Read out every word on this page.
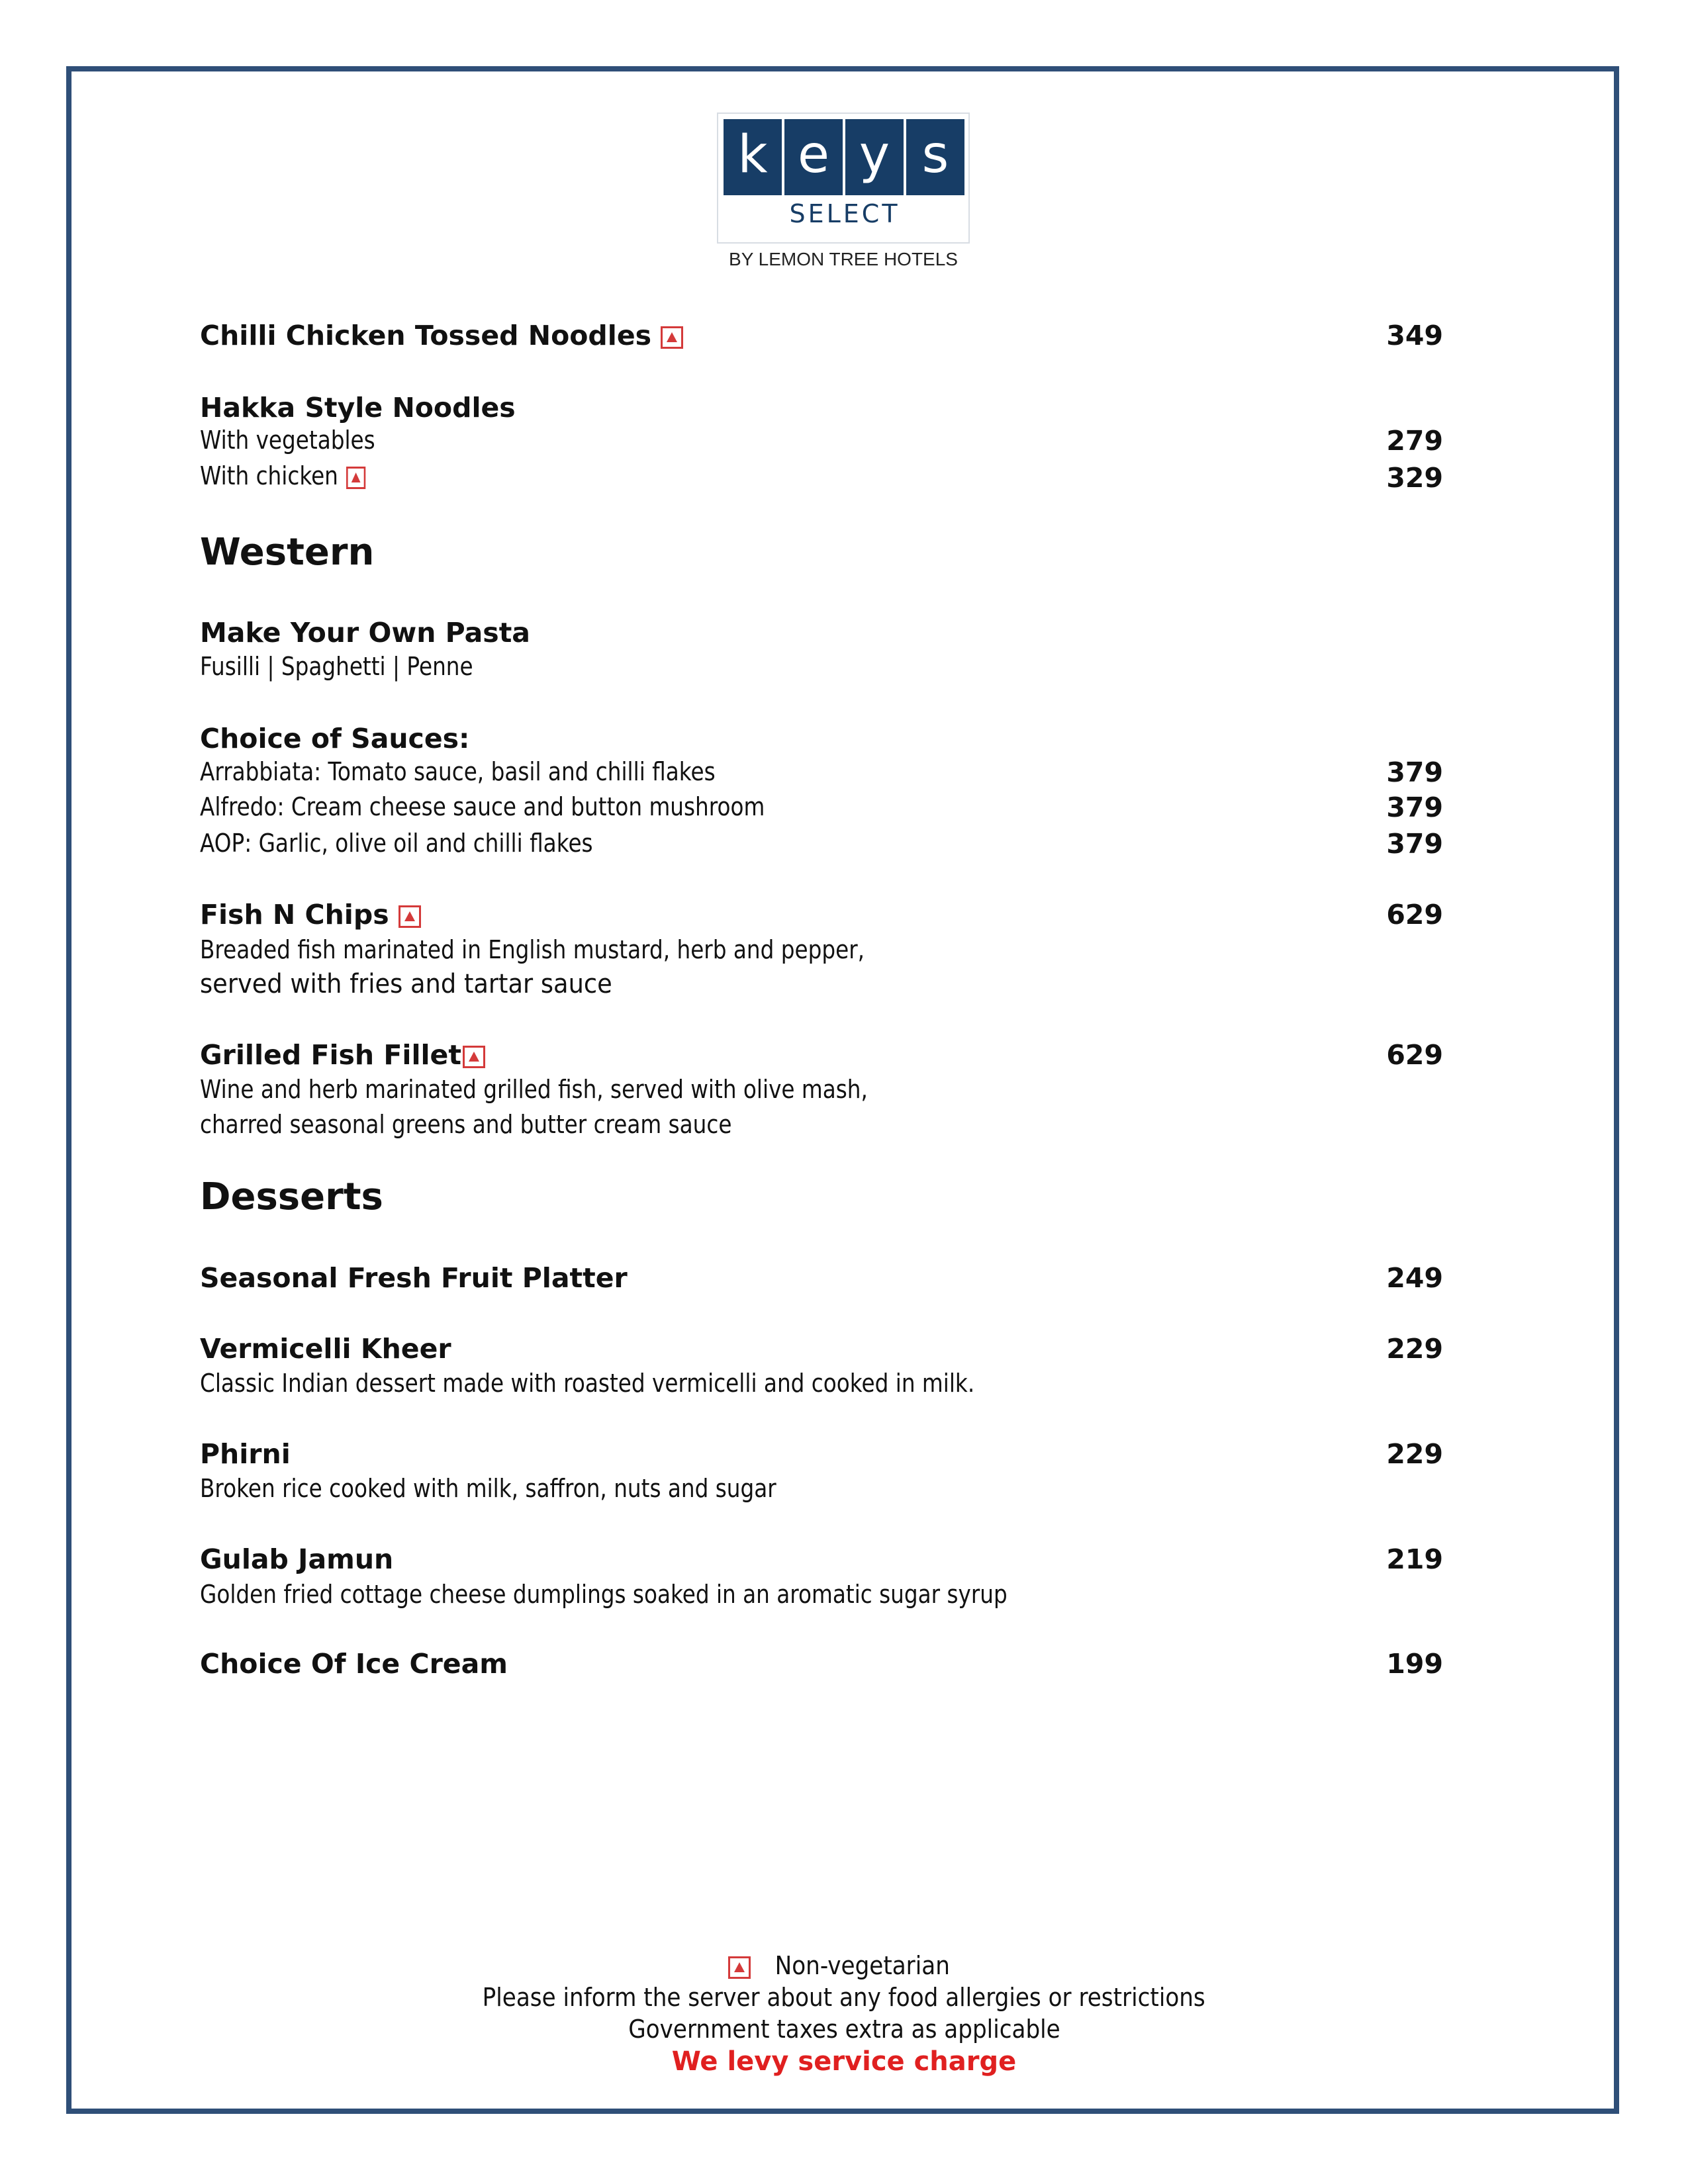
k e y s
SELECT
BY LEMON TREE HOTELS
Chilli Chicken Tossed Noodles	349
Hakka Style Noodles
With vegetables	279
With chicken	329
Western
Make Your Own Pasta
Fusilli | Spaghetti | Penne
Choice of Sauces:
Arrabbiata: Tomato sauce, basil and chilli flakes	379
Alfredo: Cream cheese sauce and button mushroom	379
AOP: Garlic, olive oil and chilli flakes	379
Fish N Chips	629
Breaded fish marinated in English mustard, herb and pepper,
served with fries and tartar sauce
Grilled Fish Fillet	629
Wine and herb marinated grilled fish, served with olive mash,
charred seasonal greens and butter cream sauce
Desserts
Seasonal Fresh Fruit Platter	249
Vermicelli Kheer	229
Classic Indian dessert made with roasted vermicelli and cooked in milk.
Phirni	229
Broken rice cooked with milk, saffron, nuts and sugar
Gulab Jamun	219
Golden fried cottage cheese dumplings soaked in an aromatic sugar syrup
Choice Of Ice Cream	199
Non-vegetarian
Please inform the server about any food allergies or restrictions
Government taxes extra as applicable
We levy service charge
